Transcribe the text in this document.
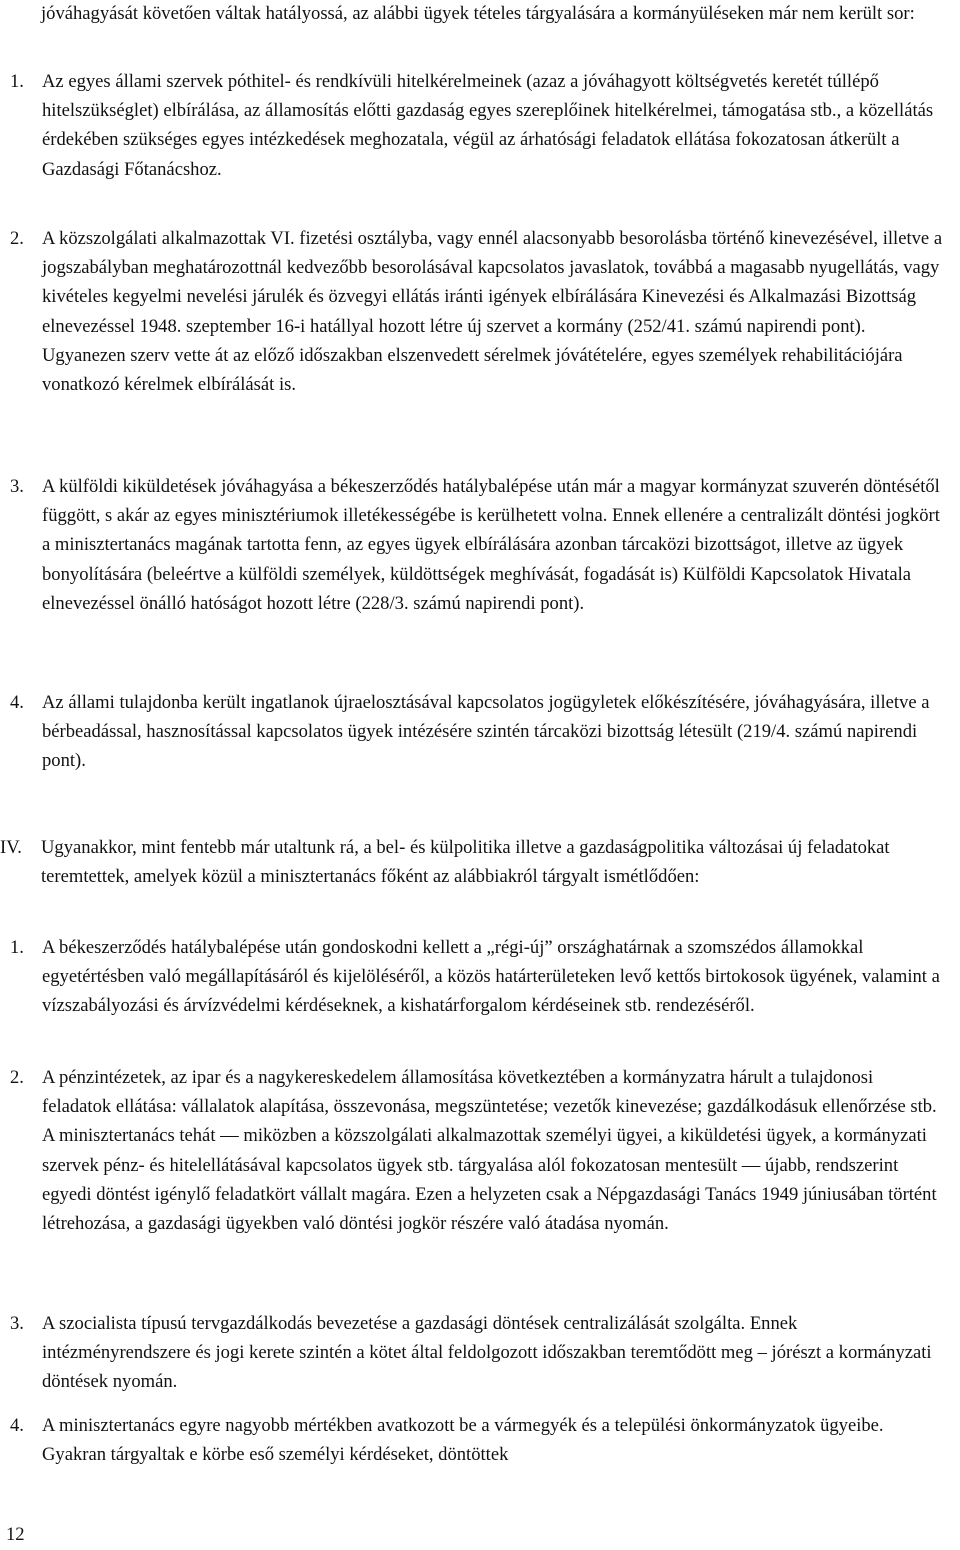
jóváhagyását követően váltak hatályossá, az alábbi ügyek tételes tárgyalására a kormányüléseken már nem került sor:

1. Az egyes állami szervek póthitel- és rendkívüli hitelkérelmeinek (azaz a jóváhagyott költségvetés keretét túllépő hitelszükséglet) elbírálása, az államosítás előtti gazdaság egyes szereplőinek hitelkérelmei, támogatása stb., a közellátás érdekében szükséges egyes intézkedések meghozatala, végül az árhatósági feladatok ellátása fokozatosan átkerült a Gazdasági Főtanácshoz.
2. A közszolgálati alkalmazottak VI. fizetési osztályba, vagy ennél alacsonyabb besorolásba történő kinevezésével, illetve a jogszabályban meghatározottnál kedvezőbb besorolásával kapcsolatos javaslatok, továbbá a magasabb nyugellátás, vagy kivételes kegyelmi nevelési járulék és özvegyi ellátás iránti igények elbírálására Kinevezési és Alkalmazási Bizottság elnevezéssel 1948. szeptember 16-i hatállyal hozott létre új szervet a kormány (252/41. számú napirendi pont). Ugyanezen szerv vette át az előző időszakban elszenvedett sérelmek jóvátételére, egyes személyek rehabilitációjára vonatkozó kérelmek elbírálását is.
3. A külföldi kiküldetések jóváhagyása a békeszerződés hatálybalépése után már a magyar kormányzat szuverén döntésétől függött, s akár az egyes minisztériumok illetékességébe is kerülhetett volna. Ennek ellenére a centralizált döntési jogkört a minisztertanács magának tartotta fenn, az egyes ügyek elbírálására azonban tárcaközi bizottságot, illetve az ügyek bonyolítására (beleértve a külföldi személyek, küldöttségek meghívását, fogadását is) Külföldi Kapcsolatok Hivatala elnevezéssel önálló hatóságot hozott létre (228/3. számú napirendi pont).
4. Az állami tulajdonba került ingatlanok újraelosztásával kapcsolatos jogügyletek előkészítésére, jóváhagyására, illetve a bérbeadással, hasznosítással kapcsolatos ügyek intézésére szintén tárcaközi bizottság létesült (219/4. számú napirendi pont).
IV.	Ugyanakkor, mint fentebb már utaltunk rá, a bel- és külpolitika illetve a gazdaságpolitika változásai új feladatokat teremtettek, amelyek közül a minisztertanács főként az alábbiakról tárgyalt ismétlődően:
1. A békeszerződés hatálybalépése után gondoskodni kellett a „régi-új” országhatárnak a szomszédos államokkal egyetértésben való megállapításáról és kijelöléséről, a közös határterületeken levő kettős birtokosok ügyének, valamint a vízszabályozási és árvízvédelmi kérdéseknek, a kishatárforgalom kérdéseinek stb. rendezéséről.
2. A pénzintézetek, az ipar és a nagykereskedelem államosítása következtében a kormányzatra hárult a tulajdonosi feladatok ellátása: vállalatok alapítása, összevonása, megszüntetése; vezetők kinevezése; gazdálkodásuk ellenőrzése stb. A minisztertanács tehát — miközben a közszolgálati alkalmazottak személyi ügyei, a kiküldetési ügyek, a kormányzati szervek pénz- és hitelellátásával kapcsolatos ügyek stb. tárgyalása alól fokozatosan mentesült — újabb, rendszerint egyedi döntést igénylő feladatkört vállalt magára. Ezen a helyzeten csak a Népgazdasági Tanács 1949 júniusában történt létrehozása, a gazdasági ügyekben való döntési jogkör részére való átadása nyomán.
3. A szocialista típusú tervgazdálkodás bevezetése a gazdasági döntések centralizálását szolgálta. Ennek intézményrendszere és jogi kerete szintén a kötet által feldolgozott időszakban teremtődött meg – jórészt a kormányzati döntések nyomán.
4. A minisztertanács egyre nagyobb mértékben avatkozott be a vármegyék és a települési önkormányzatok ügyeibe. Gyakran tárgyaltak e körbe eső személyi kérdéseket, döntöttek
12
